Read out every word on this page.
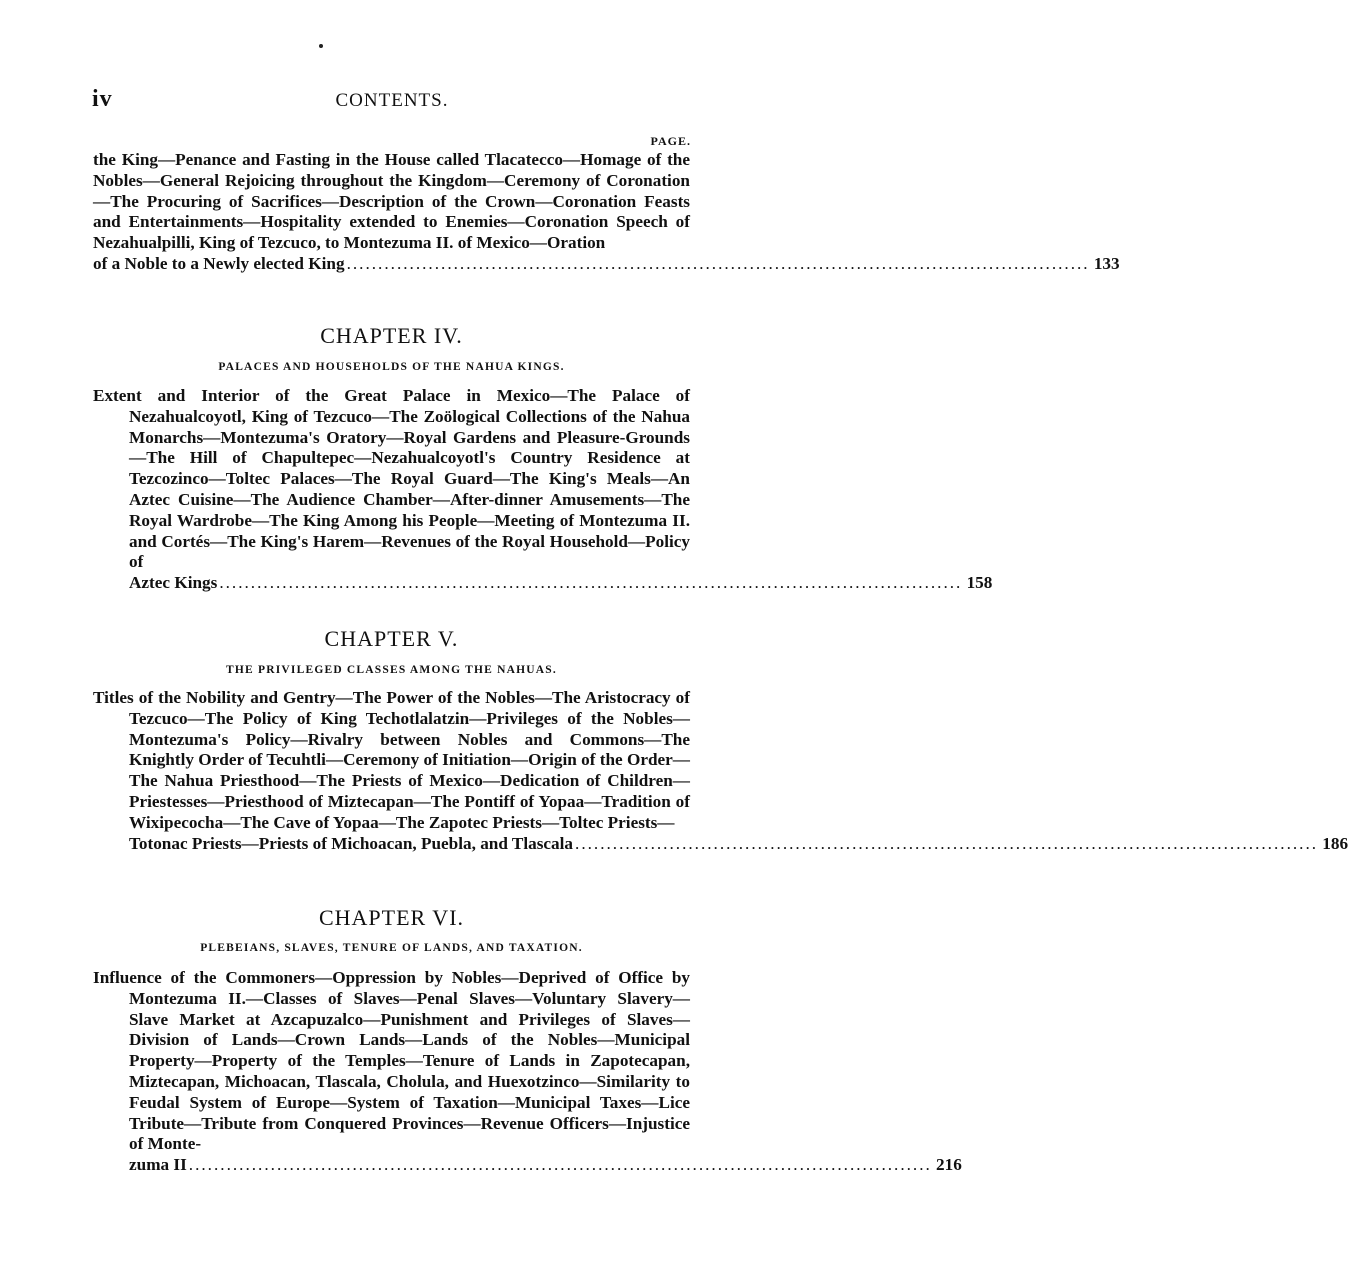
iv	CONTENTS.
PAGE.

the King—Penance and Fasting in the House called Tlacatecco—Homage of the Nobles—General Rejoicing throughout the Kingdom—Ceremony of Coronation—The Procuring of Sacrifices—Description of the Crown—Coronation Feasts and Entertainments—Hospitality extended to Enemies—Coronation Speech of Nezahualpilli, King of Tezcuco, to Montezuma II. of Mexico—Oration

of a Noble to a Newly elected King ...................................................................................................................... 133
CHAPTER IV.
PALACES AND HOUSEHOLDS OF THE NAHUA KINGS.

Extent and Interior of the Great Palace in Mexico—The Palace of Nezahualcoyotl, King of Tezcuco—The Zoölogical Collections of the Nahua Monarchs—Montezuma's Oratory—Royal Gardens and Pleasure-Grounds—The Hill of Chapultepec—Nezahualcoyotl's Country Residence at Tezcozinco—Toltec Palaces—The Royal Guard—The King's Meals—An Aztec Cuisine—The Audience Chamber—After-dinner Amusements—The Royal Wardrobe—The King Among his People—Meeting of Montezuma II. and Cortés—The King's Harem—Revenues of the Royal Household—Policy of

Aztec Kings ...................................................................................................................... 158
CHAPTER V.
THE PRIVILEGED CLASSES AMONG THE NAHUAS.

Titles of the Nobility and Gentry—The Power of the Nobles—The Aristocracy of Tezcuco—The Policy of King Techotlalatzin—Privileges of the Nobles—Montezuma's Policy—Rivalry between Nobles and Commons—The Knightly Order of Tecuhtli—Ceremony of Initiation—Origin of the Order—The Nahua Priesthood—The Priests of Mexico—Dedication of Children—Priestesses—Priesthood of Miztecapan—The Pontiff of Yopaa—Tradition of Wixipecocha—The Cave of Yopaa—The Zapotec Priests—Toltec Priests—

Totonac Priests—Priests of Michoacan, Puebla, and Tlascala ...................................................................................................................... 186
CHAPTER VI.
PLEBEIANS, SLAVES, TENURE OF LANDS, AND TAXATION.

Influence of the Commoners—Oppression by Nobles—Deprived of Office by Montezuma II.—Classes of Slaves—Penal Slaves—Voluntary Slavery—Slave Market at Azcapuzalco—Punishment and Privileges of Slaves—Division of Lands—Crown Lands—Lands of the Nobles—Municipal Property—Property of the Temples—Tenure of Lands in Zapotecapan, Miztecapan, Michoacan, Tlascala, Cholula, and Huexotzinco—Similarity to Feudal System of Europe—System of Taxation—Municipal Taxes—Lice Tribute—Tribute from Conquered Provinces—Revenue Officers—Injustice of Monte-

zuma II ...................................................................................................................... 216
